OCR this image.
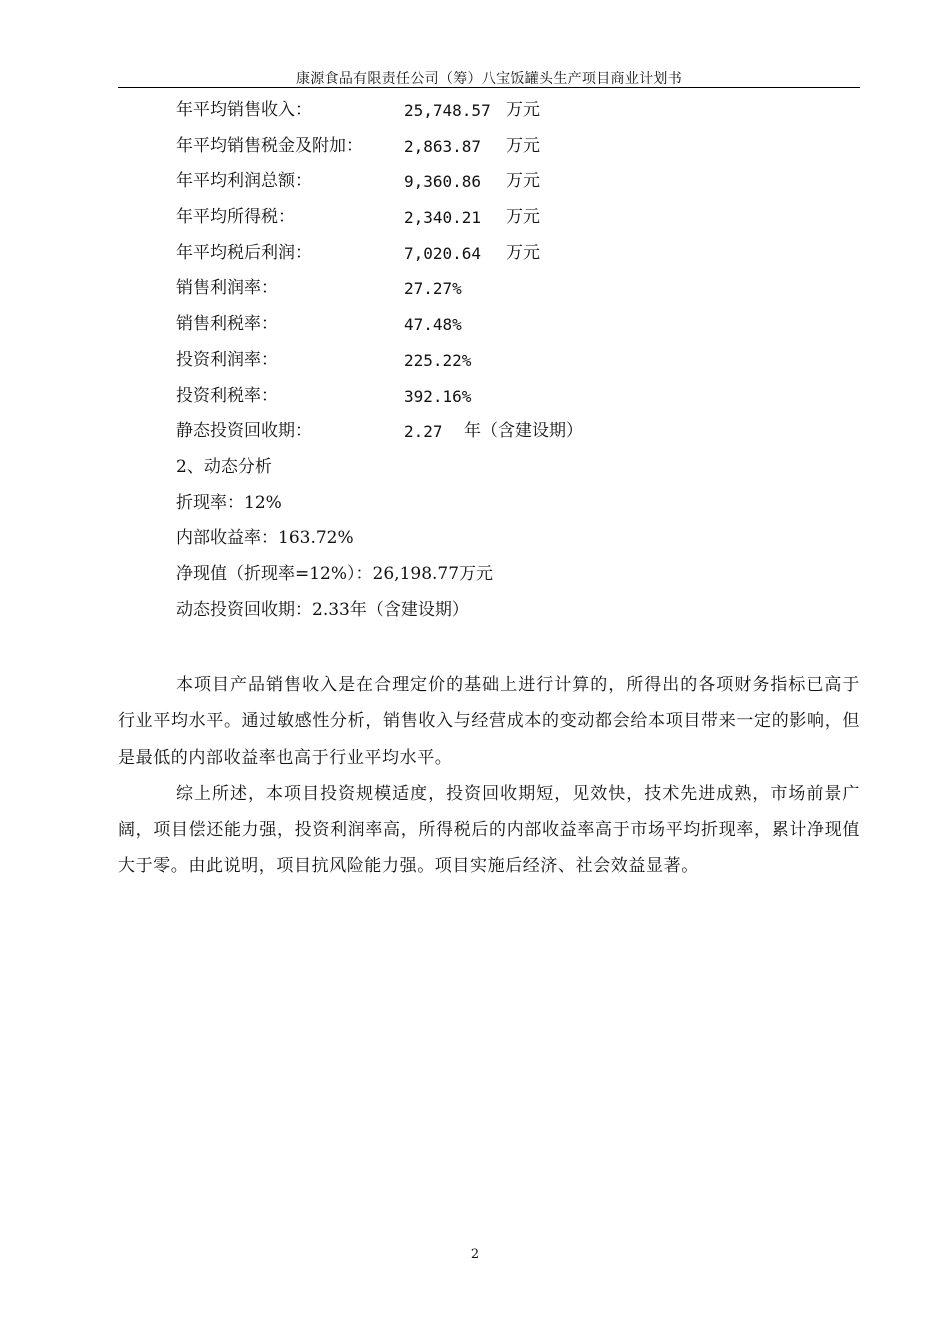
康源食品有限责任公司（筹）八宝饭罐头生产项目商业计划书
年平均销售收入：	25,748.57 万元
年平均销售税金及附加：	2,863.87 万元
年平均利润总额：	9,360.86 万元
年平均所得税：	2,340.21 万元
年平均税后利润：	7,020.64 万元
销售利润率：	27.27%
销售利税率：	47.48%
投资利润率：	225.22%
投资利税率：	392.16%
静态投资回收期：	2.27 年（含建设期）
2、动态分析
折现率：12%
内部收益率：163.72%
净现值（折现率=12%）：26,198.77万元
动态投资回收期：2.33年（含建设期）

本项目产品销售收入是在合理定价的基础上进行计算的，所得出的各项财务指标已高于行业平均水平。通过敏感性分析，销售收入与经营成本的变动都会给本项目带来一定的影响，但是最低的内部收益率也高于行业平均水平。

综上所述，本项目投资规模适度，投资回收期短，见效快，技术先进成熟，市场前景广阔，项目偿还能力强，投资利润率高，所得税后的内部收益率高于市场平均折现率，累计净现值大于零。由此说明，项目抗风险能力强。项目实施后经济、社会效益显著。

2
